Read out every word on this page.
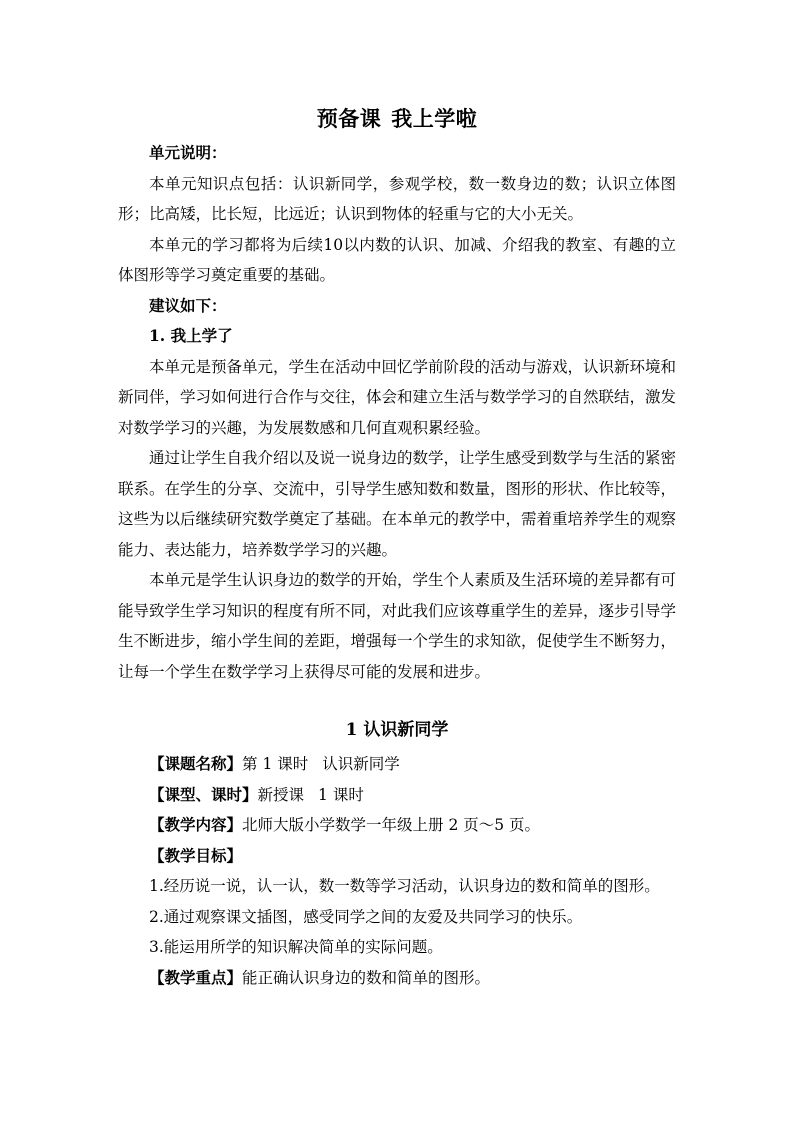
预备课 我上学啦

单元说明：

本单元知识点包括：认识新同学，参观学校，数一数身边的数；认识立体图形；比高矮，比长短，比远近；认识到物体的轻重与它的大小无关。

本单元的学习都将为后续10以内数的认识、加减、介绍我的教室、有趣的立体图形等学习奠定重要的基础。

建议如下：

1. 我上学了

本单元是预备单元，学生在活动中回忆学前阶段的活动与游戏，认识新环境和新同伴，学习如何进行合作与交往，体会和建立生活与数学学习的自然联结，激发对数学学习的兴趣，为发展数感和几何直观积累经验。

通过让学生自我介绍以及说一说身边的数学，让学生感受到数学与生活的紧密联系。在学生的分享、交流中，引导学生感知数和数量，图形的形状、作比较等，这些为以后继续研究数学奠定了基础。在本单元的教学中，需着重培养学生的观察能力、表达能力，培养数学学习的兴趣。

本单元是学生认识身边的数学的开始，学生个人素质及生活环境的差异都有可能导致学生学习知识的程度有所不同，对此我们应该尊重学生的差异，逐步引导学生不断进步，缩小学生间的差距，增强每一个学生的求知欲，促使学生不断努力，让每一个学生在数学学习上获得尽可能的发展和进步。

1 认识新同学

【课题名称】第 1 课时 认识新同学

【课型、课时】新授课 1 课时

【教学内容】北师大版小学数学一年级上册 2 页～5 页。

【教学目标】

1.经历说一说，认一认，数一数等学习活动，认识身边的数和简单的图形。

2.通过观察课文插图，感受同学之间的友爱及共同学习的快乐。

3.能运用所学的知识解决简单的实际问题。

【教学重点】能正确认识身边的数和简单的图形。
